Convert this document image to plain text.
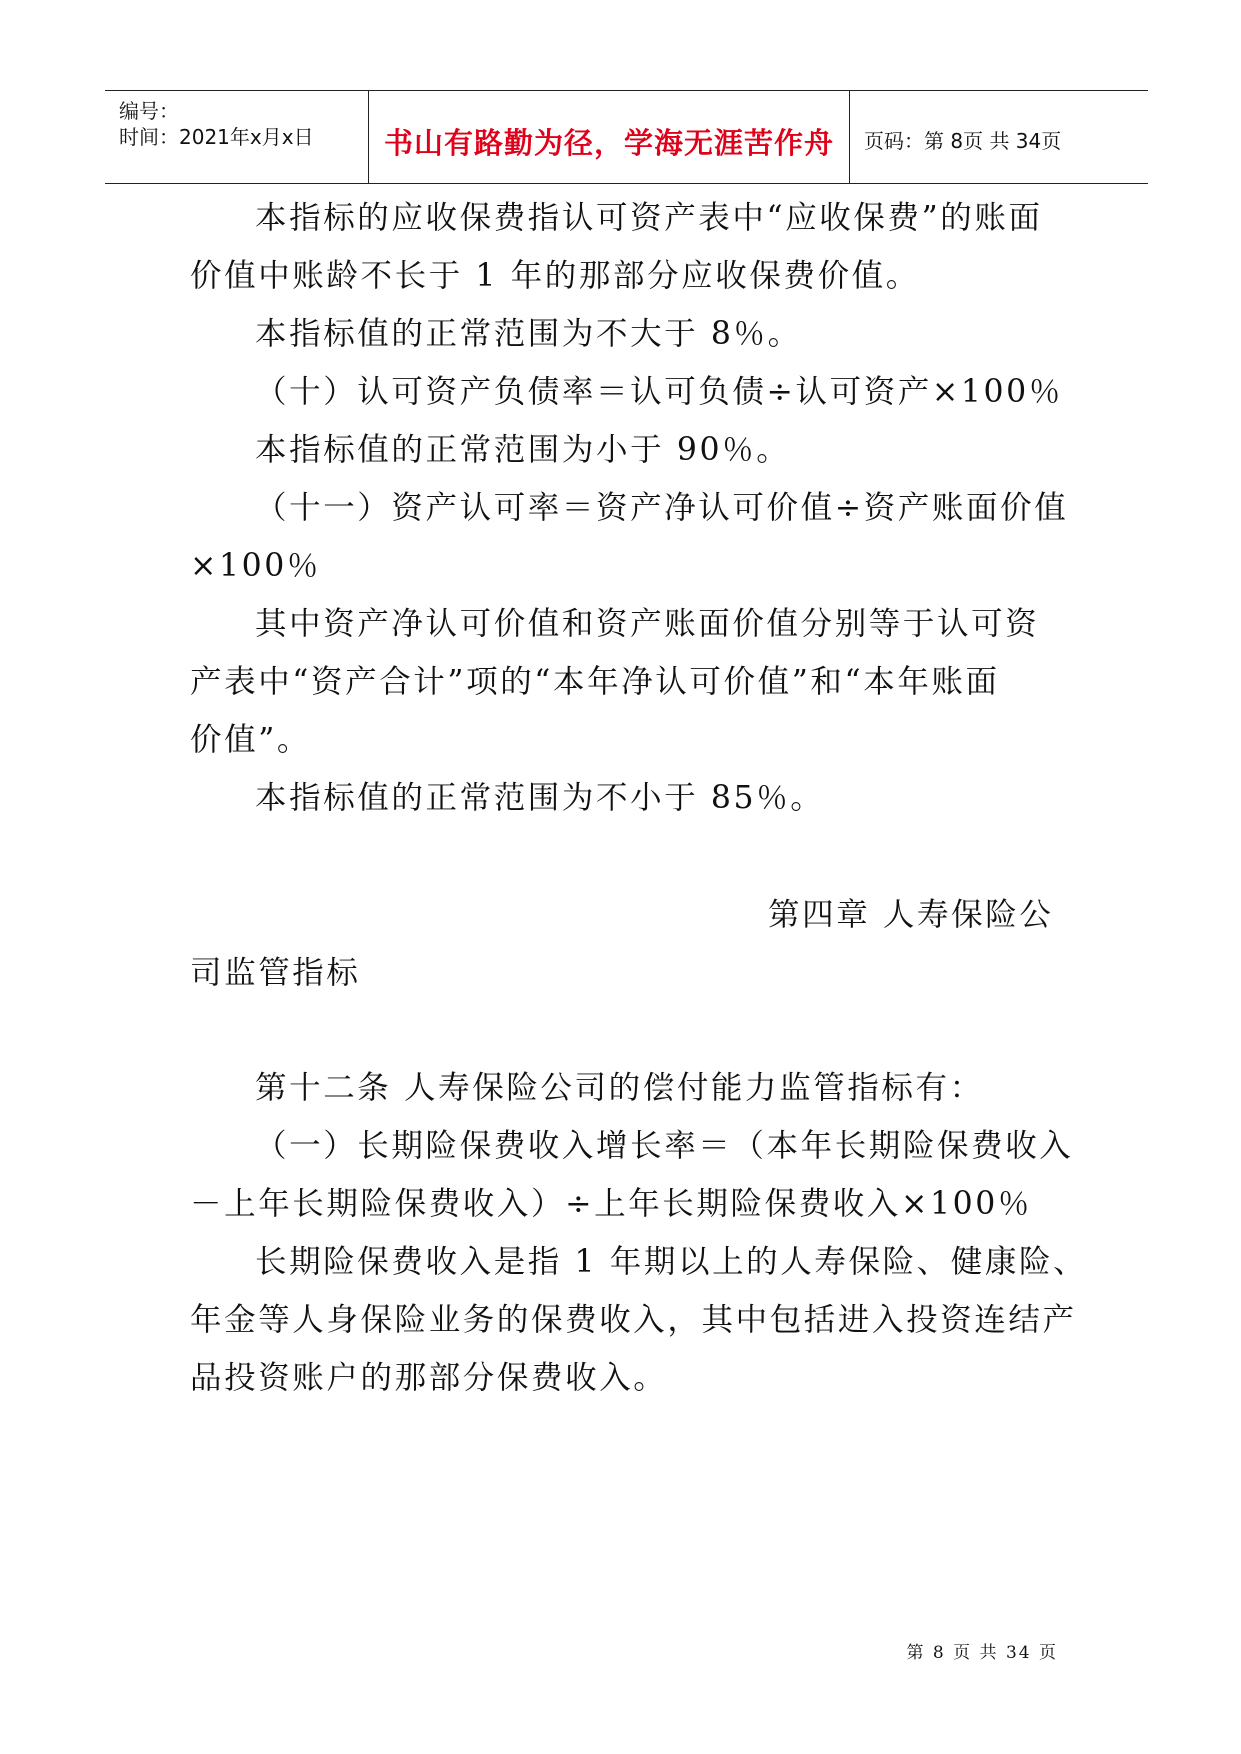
编号：
时间：2021年x月x日	书山有路勤为径，学海无涯苦作舟	页码：第 8页 共 34页
本指标的应收保费指认可资产表中“应收保费”的账面
价值中账龄不长于 1 年的那部分应收保费价值。
本指标值的正常范围为不大于 8％。
（十）认可资产负债率＝认可负债÷认可资产×100％
本指标值的正常范围为小于 90％。
（十一）资产认可率＝资产净认可价值÷资产账面价值
×100％
其中资产净认可价值和资产账面价值分别等于认可资
产表中“资产合计”项的“本年净认可价值”和“本年账面
价值”。
本指标值的正常范围为不小于 85％。
第四章 人寿保险公
司监管指标
第十二条 人寿保险公司的偿付能力监管指标有：
（一）长期险保费收入增长率＝（本年长期险保费收入
－上年长期险保费收入）÷上年长期险保费收入×100％
长期险保费收入是指 1 年期以上的人寿保险、健康险、
年金等人身保险业务的保费收入，其中包括进入投资连结产
品投资账户的那部分保费收入。
第 8 页 共 34 页
